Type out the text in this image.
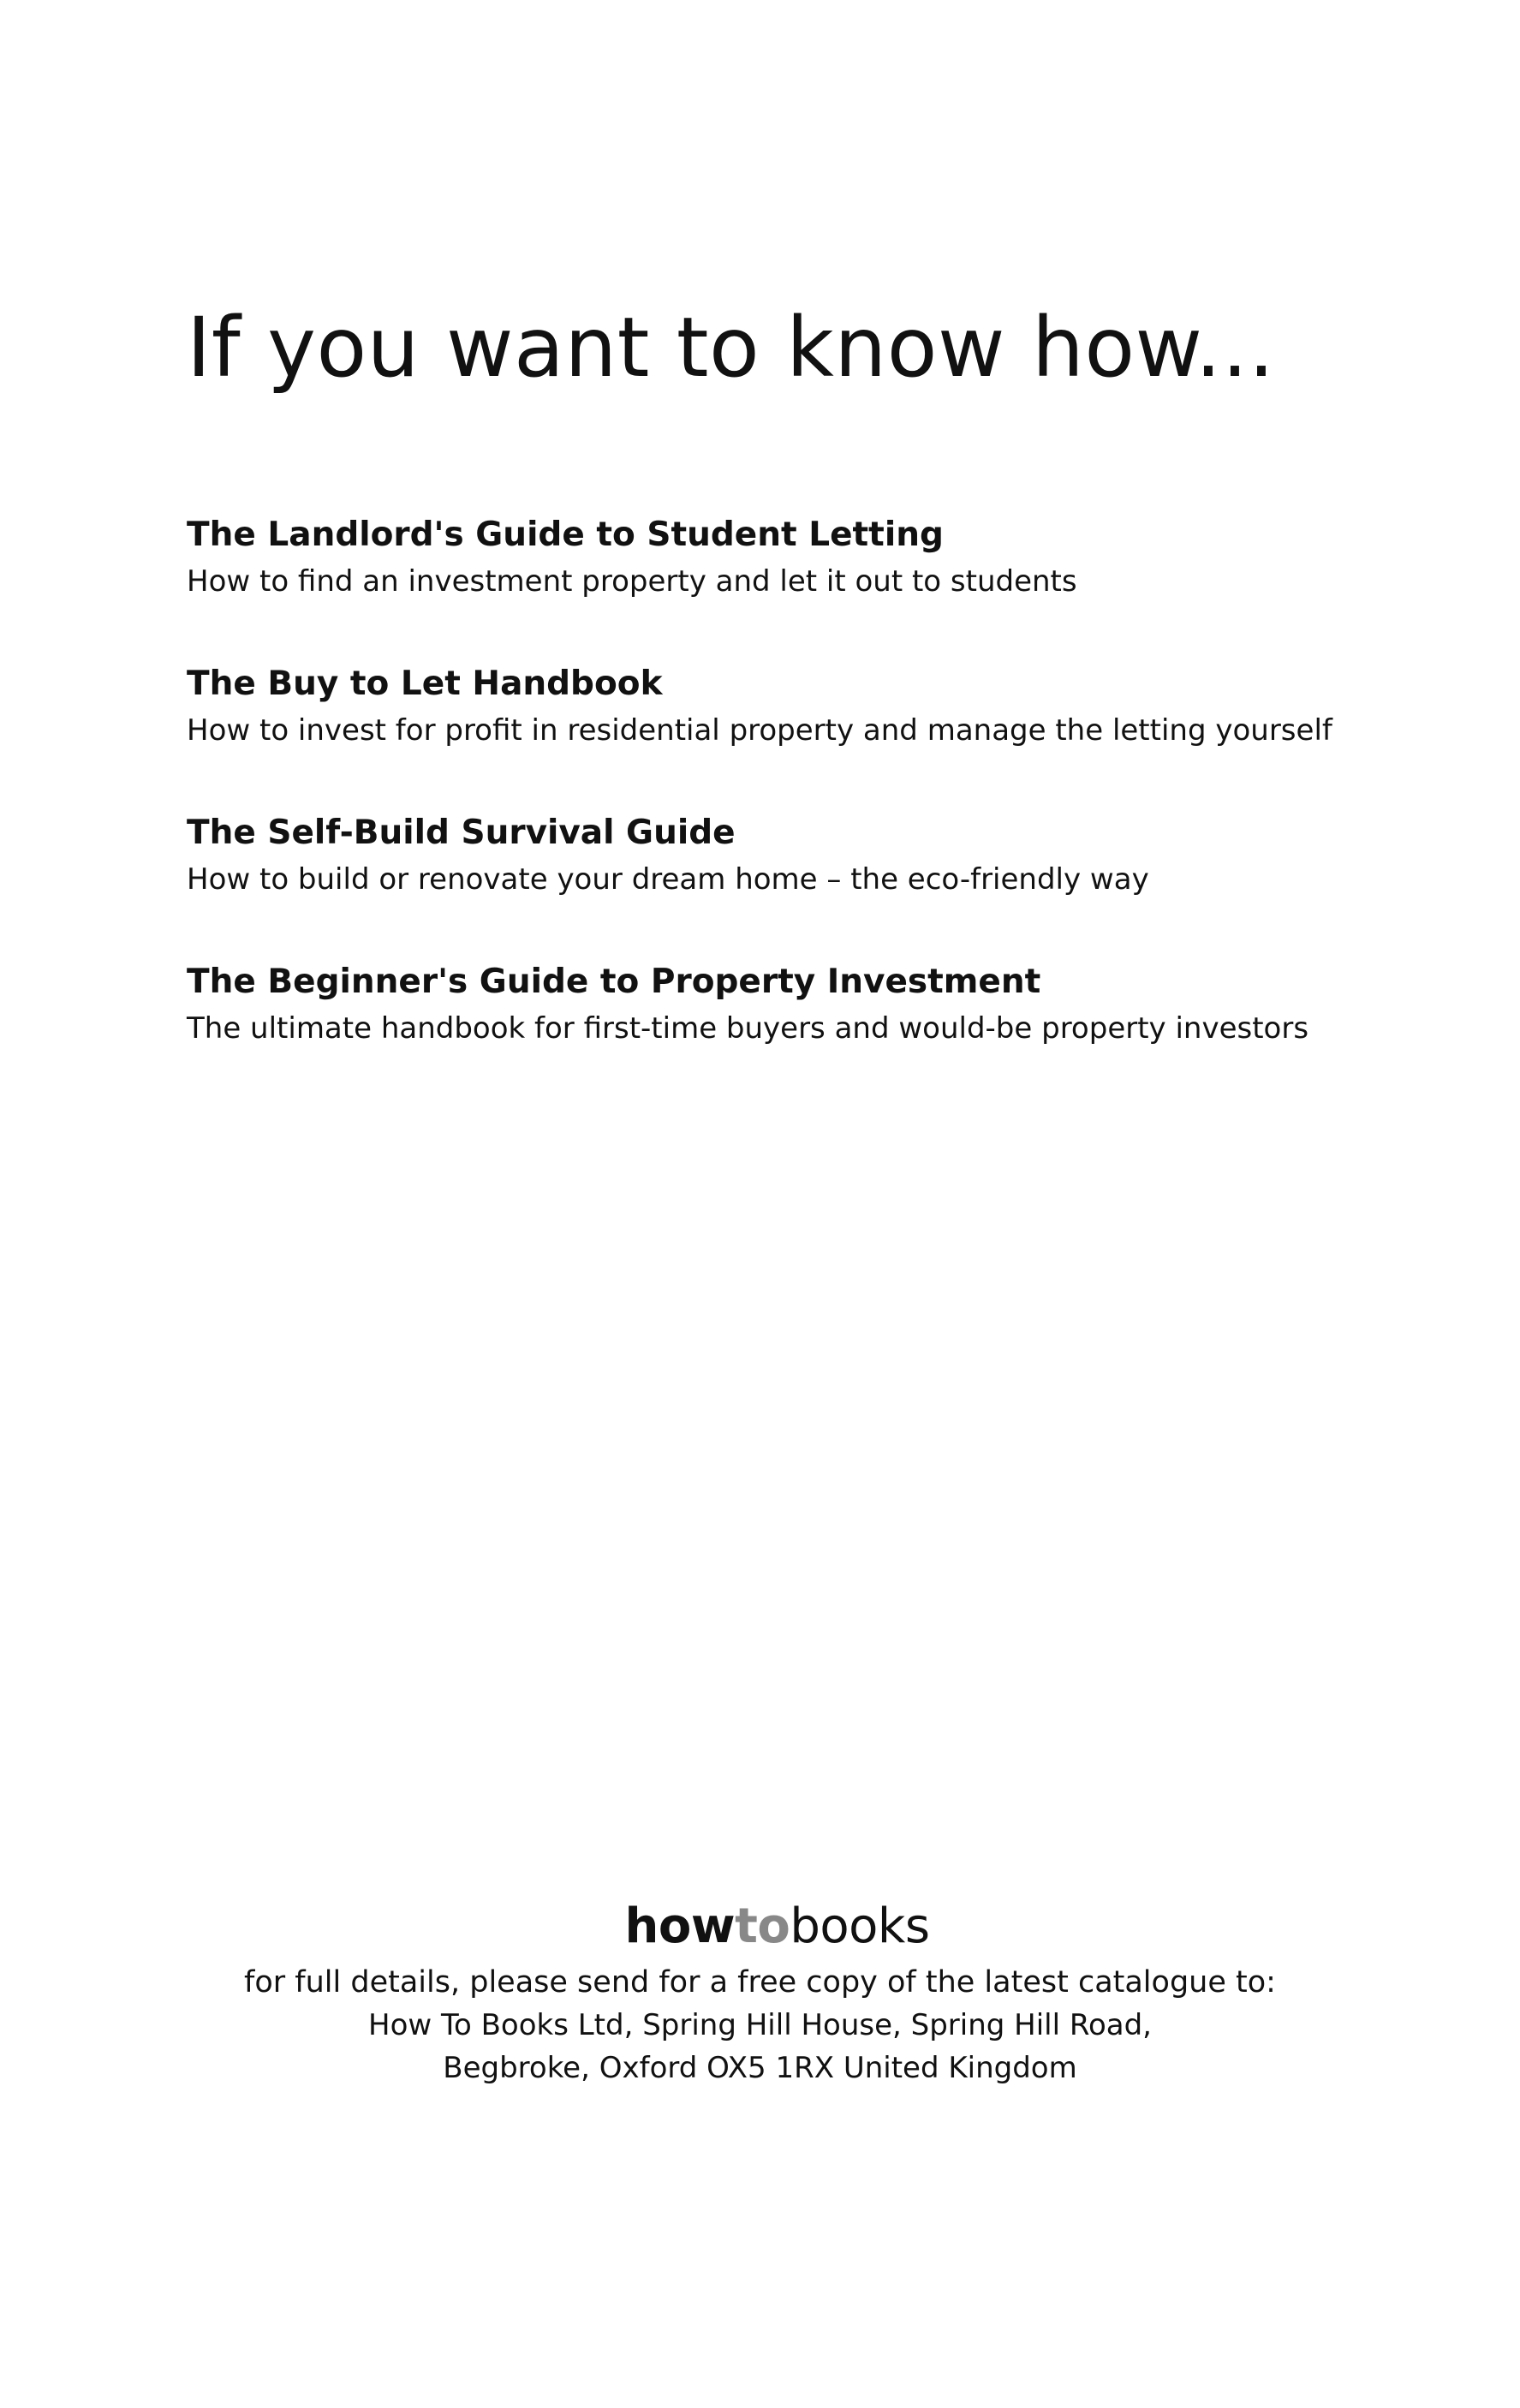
If you want to know how...
The Landlord's Guide to Student Letting
How to find an investment property and let it out to students
The Buy to Let Handbook
How to invest for profit in residential property and manage the letting yourself
The Self-Build Survival Guide
How to build or renovate your dream home – the eco-friendly way
The Beginner's Guide to Property Investment
The ultimate handbook for first-time buyers and would-be property investors
howtobooks
for full details, please send for a free copy of the latest catalogue to:
How To Books Ltd, Spring Hill House, Spring Hill Road,
Begbroke, Oxford OX5 1RX United Kingdom
